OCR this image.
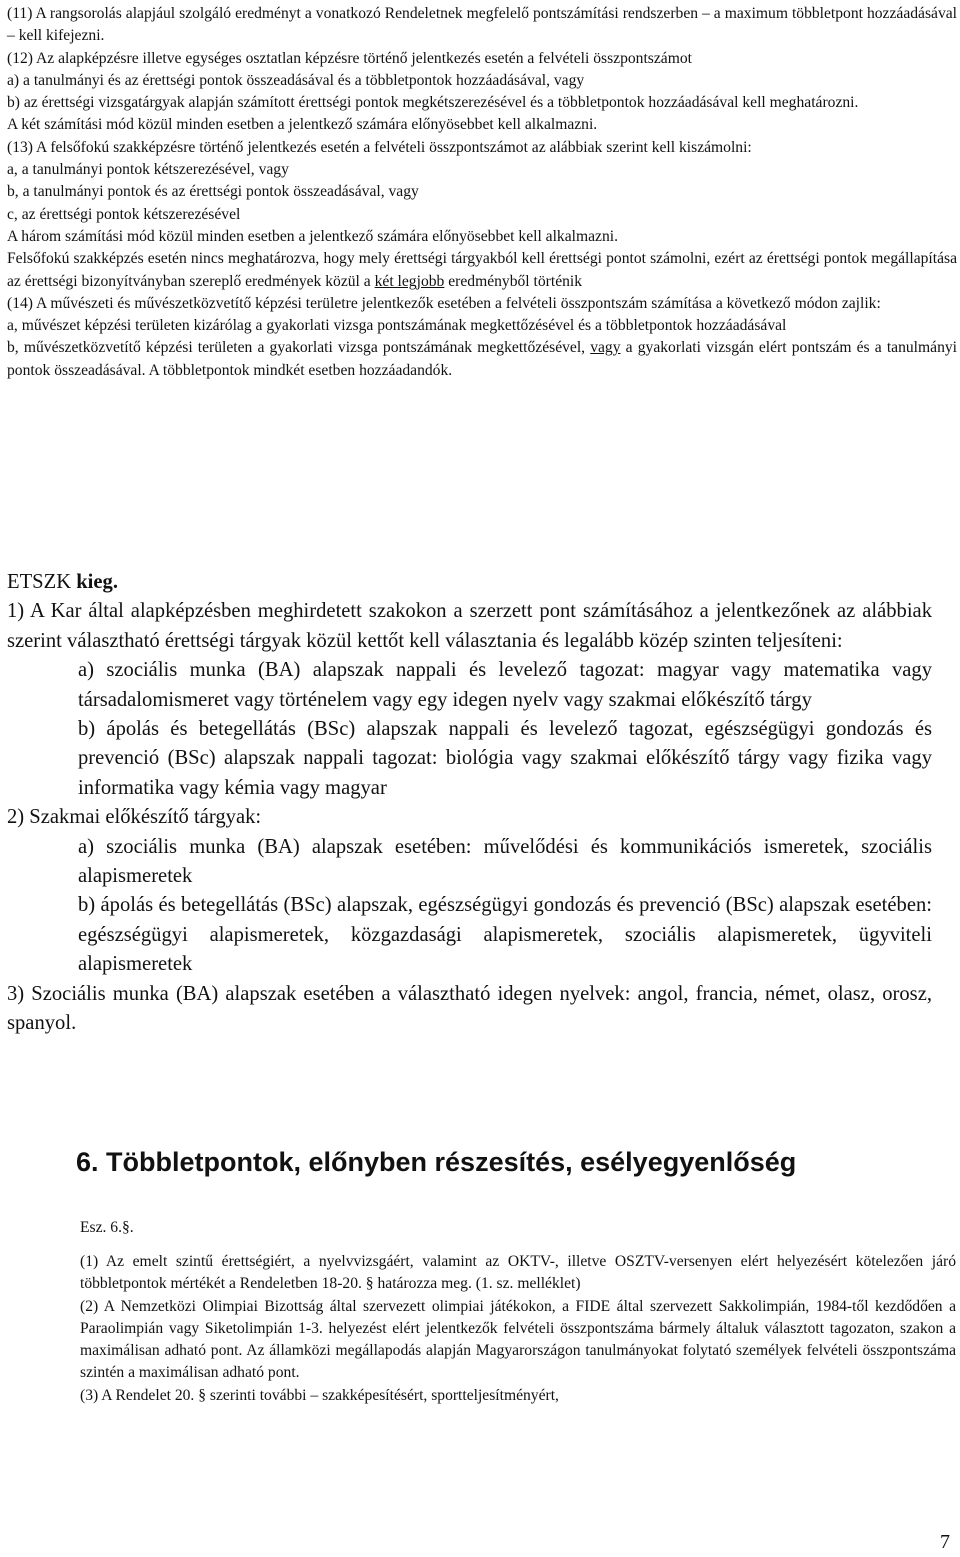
(11) A rangsorolás alapjául szolgáló eredményt a vonatkozó Rendeletnek megfelelő pontszámítási rendszerben – a maximum többletpont hozzáadásával – kell kifejezni.

(12) Az alapképzésre illetve egységes osztatlan képzésre történő jelentkezés esetén a felvételi összpontszámot

a) a tanulmányi és az érettségi pontok összeadásával és a többletpontok hozzáadásával, vagy

b) az érettségi vizsgatárgyak alapján számított érettségi pontok megkétszerezésével és a többletpontok hozzáadásával kell meghatározni.

A két számítási mód közül minden esetben a jelentkező számára előnyösebbet kell alkalmazni.

(13) A felsőfokú szakképzésre történő jelentkezés esetén a felvételi összpontszámot az alábbiak szerint kell kiszámolni:

a, a tanulmányi pontok kétszerezésével, vagy

b, a tanulmányi pontok és az érettségi pontok összeadásával, vagy

c, az érettségi pontok kétszerezésével

A három számítási mód közül minden esetben a jelentkező számára előnyösebbet kell alkalmazni.

Felsőfokú szakképzés esetén nincs meghatározva, hogy mely érettségi tárgyakból kell érettségi pontot számolni, ezért az érettségi pontok megállapítása az érettségi bizonyítványban szereplő eredmények közül a két legjobb eredményből történik

(14) A művészeti és művészetközvetítő képzési területre jelentkezők esetében a felvételi összpontszám számítása a következő módon zajlik:

a, művészet képzési területen kizárólag a gyakorlati vizsga pontszámának megkettőzésével és a többletpontok hozzáadásával

b, művészetközvetítő képzési területen a gyakorlati vizsga pontszámának megkettőzésével, vagy a gyakorlati vizsgán elért pontszám és a tanulmányi pontok összeadásával. A többletpontok mindkét esetben hozzáadandók.

ETSZK kieg.

1) A Kar által alapképzésben meghirdetett szakokon a szerzett pont számításához a jelentkezőnek az alábbiak szerint választható érettségi tárgyak közül kettőt kell választania és legalább közép szinten teljesíteni:

a) szociális munka (BA) alapszak nappali és levelező tagozat: magyar vagy matematika vagy társadalomismeret vagy történelem vagy egy idegen nyelv vagy szakmai előkészítő tárgy

b) ápolás és betegellátás (BSc) alapszak nappali és levelező tagozat, egészségügyi gondozás és prevenció (BSc) alapszak nappali tagozat: biológia vagy szakmai előkészítő tárgy vagy fizika vagy informatika vagy kémia vagy magyar

2) Szakmai előkészítő tárgyak:

a) szociális munka (BA) alapszak esetében: művelődési és kommunikációs ismeretek, szociális alapismeretek

b) ápolás és betegellátás (BSc) alapszak, egészségügyi gondozás és prevenció (BSc) alapszak esetében: egészségügyi alapismeretek, közgazdasági alapismeretek, szociális alapismeretek, ügyviteli alapismeretek

3) Szociális munka (BA) alapszak esetében a választható idegen nyelvek: angol, francia, német, olasz, orosz, spanyol.

6. Többletpontok, előnyben részesítés, esélyegyenlőség
Esz. 6.§.

(1) Az emelt szintű érettségiért, a nyelvvizsgáért, valamint az OKTV-, illetve OSZTV-versenyen elért helyezésért kötelezően járó többletpontok mértékét a Rendeletben 18-20. § határozza meg. (1. sz. melléklet)

(2) A Nemzetközi Olimpiai Bizottság által szervezett olimpiai játékokon, a FIDE által szervezett Sakkolimpián, 1984-től kezdődően a Paraolimpián vagy Siketolimpián 1-3. helyezést elért jelentkezők felvételi összpontszáma bármely általuk választott tagozaton, szakon a maximálisan adható pont. Az államközi megállapodás alapján Magyarországon tanulmányokat folytató személyek felvételi összpontszáma szintén a maximálisan adható pont.

(3) A Rendelet 20. § szerinti további – szakképesítésért, sportteljesítményért,

7
